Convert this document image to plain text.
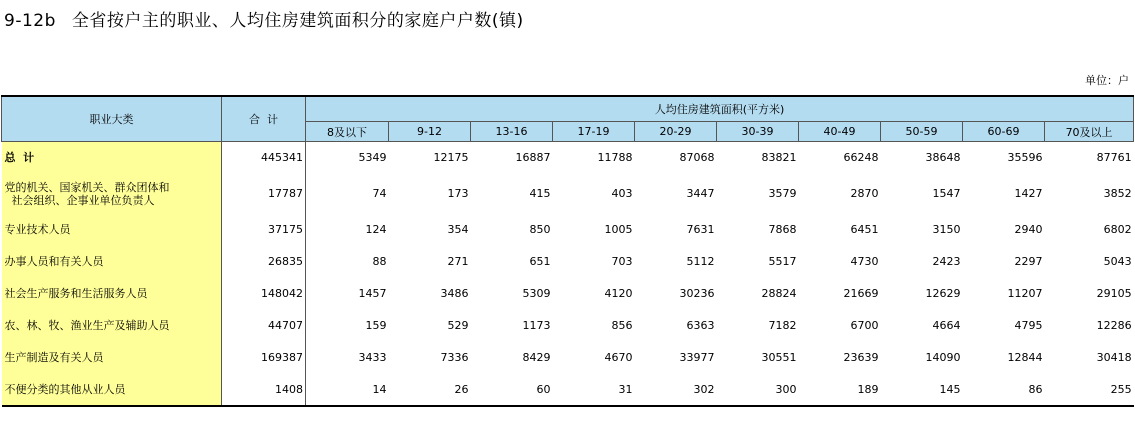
9-12b 全省按户主的职业、人均住房建筑面积分的家庭户户数(镇)
单位：户
职业大类	合  计	人均住房建筑面积(平方米)									
		8及以下	9-12	13-16	17-19	20-29	30-39	40-49	50-59	60-69	70及以上
总  计	445341	5349	12175	16887	11788	87068	83821	66248	38648	35596	87761
党的机关、国家机关、群众团体和
社会组织、企事业单位负责人	17787	74	173	415	403	3447	3579	2870	1547	1427	3852
专业技术人员	37175	124	354	850	1005	7631	7868	6451	3150	2940	6802
办事人员和有关人员	26835	88	271	651	703	5112	5517	4730	2423	2297	5043
社会生产服务和生活服务人员	148042	1457	3486	5309	4120	30236	28824	21669	12629	11207	29105
农、林、牧、渔业生产及辅助人员	44707	159	529	1173	856	6363	7182	6700	4664	4795	12286
生产制造及有关人员	169387	3433	7336	8429	4670	33977	30551	23639	14090	12844	30418
不便分类的其他从业人员	1408	14	26	60	31	302	300	189	145	86	255
